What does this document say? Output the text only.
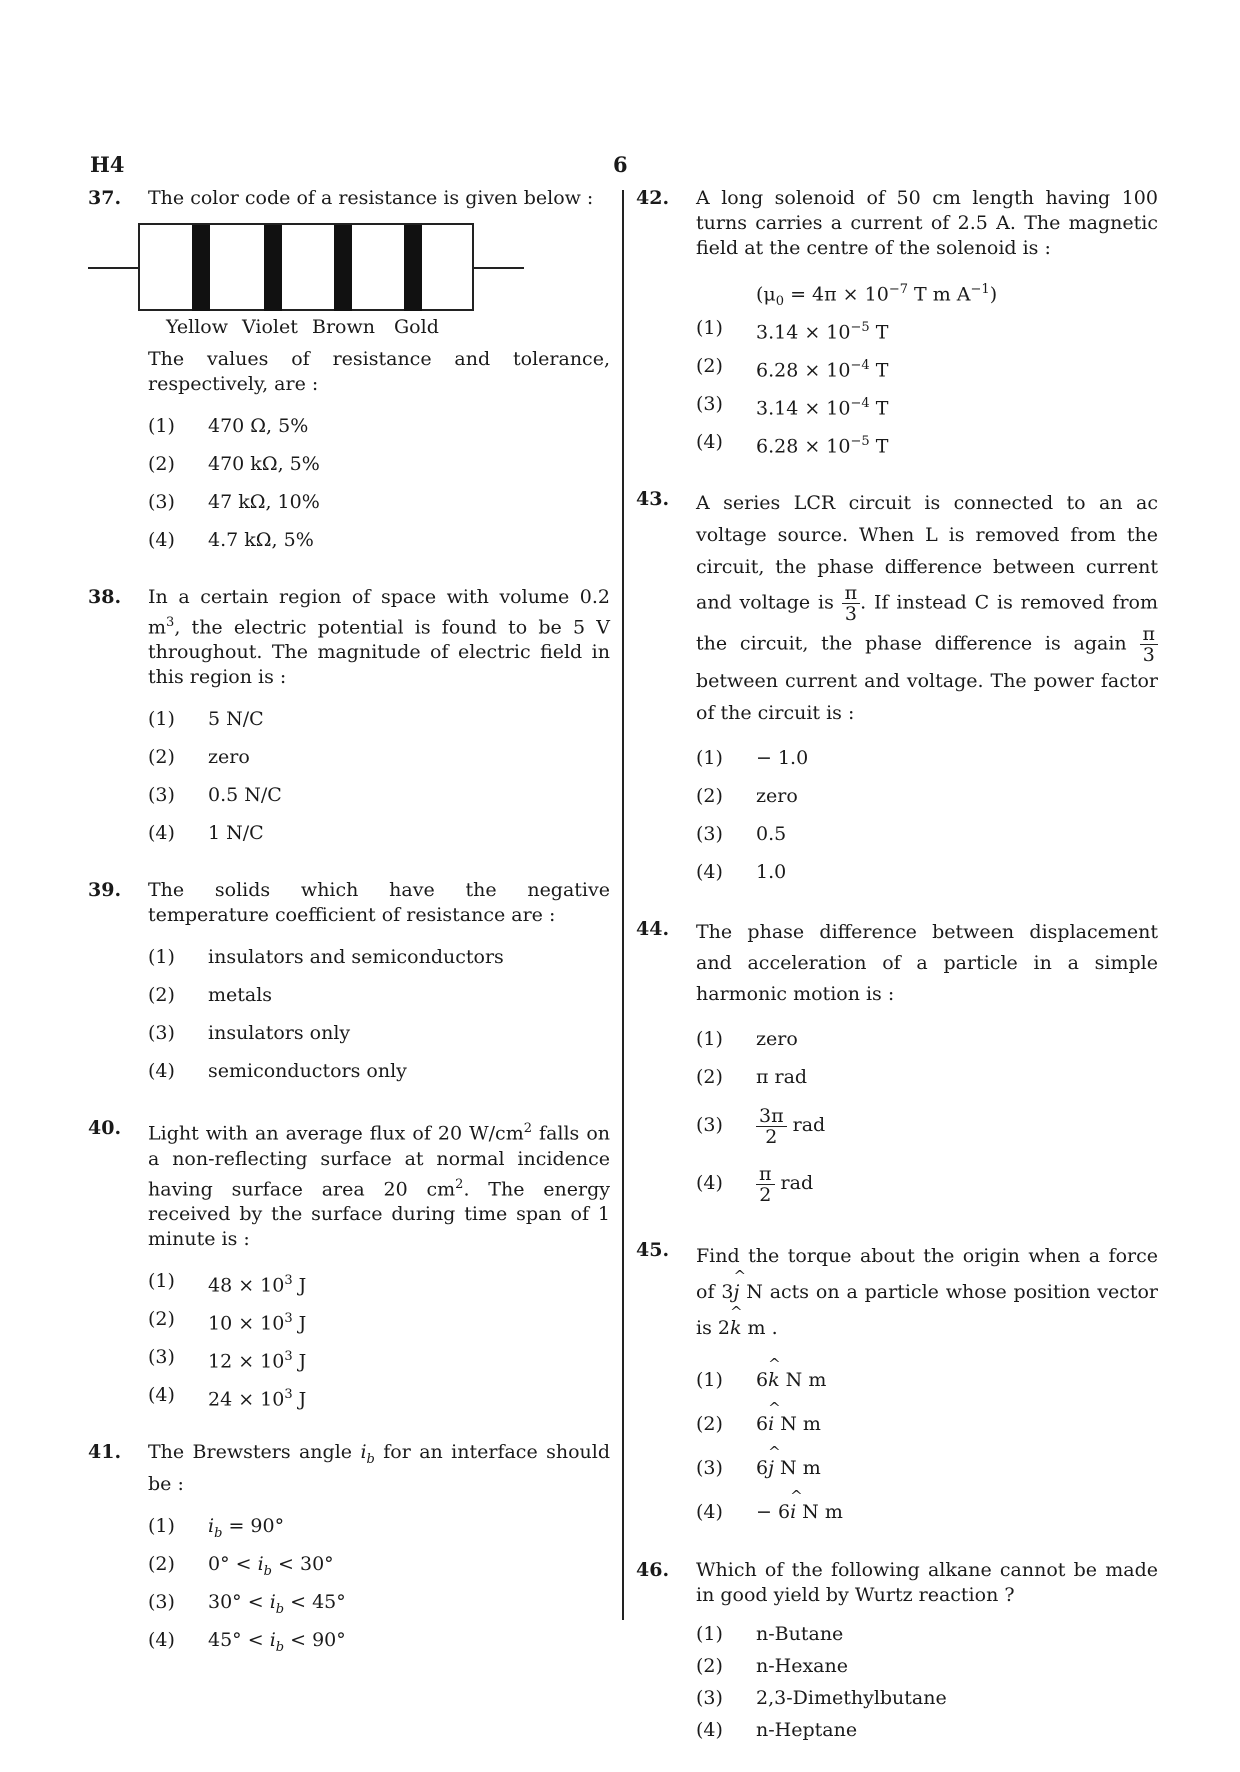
H4	6
37. The color code of a resistance is given below :
Yellow Violet Brown Gold
The values of resistance and tolerance, respectively, are :
(1) 470 Ω, 5%
(2) 470 kΩ, 5%
(3) 47 kΩ, 10%
(4) 4.7 kΩ, 5%
38. In a certain region of space with volume 0.2 $m^3$, the electric potential is found to be 5 V throughout. The magnitude of electric field in this region is :
(1) 5 N/C
(2) zero
(3) 0.5 N/C
(4) 1 N/C
39. The solids which have the negative temperature coefficient of resistance are :
(1) insulators and semiconductors
(2) metals
(3) insulators only
(4) semiconductors only
40. Light with an average flux of 20 $W/cm^2$ falls on a non-reflecting surface at normal incidence having surface area 20 $cm^2$. The energy received by the surface during time span of 1 minute is :
(1) $48 \times 10^3$ J
(2) $10 \times 10^3$ J
(3) $12 \times 10^3$ J
(4) $24 \times 10^3$ J
41. The Brewsters angle $i_b$ for an interface should be :
(1) $i_b = 90^\circ$
(2) $0^\circ < i_b < 30^\circ$
(3) $30^\circ < i_b < 45^\circ$
(4) $45^\circ < i_b < 90^\circ$
42. A long solenoid of 50 cm length having 100 turns carries a current of 2.5 A. The magnetic field at the centre of the solenoid is :
($\mu_0 = 4\pi \times 10^{-7}$ T m $A^{-1}$)
(1) $3.14 \times 10^{-5}$ T
(2) $6.28 \times 10^{-4}$ T
(3) $3.14 \times 10^{-4}$ T
(4) $6.28 \times 10^{-5}$ T
43. A series LCR circuit is connected to an ac voltage source. When L is removed from the circuit, the phase difference between current and voltage is $\frac{\pi}{3}$ . If instead C is removed from the circuit, the phase difference is again $\frac{\pi}{3}$
between current and voltage. The power factor of the circuit is :
(1) − 1.0
(2) zero
(3) 0.5
(4) 1.0
44. The phase difference between displacement and acceleration of a particle in a simple harmonic motion is :
(1) zero
(2) π rad
$(3) \frac{3\pi}{2}$ rad
$(4) \frac{\pi}{2}$ rad
45. Find the torque about the origin when a force of 3^ j N acts on a particle whose position vector is 2^ k m .
(1) 6^ k N m
(2) 6^ i N m
(3) 6^ j N m
(4) − 6^ i N m
46. Which of the following alkane cannot be made in good yield by Wurtz reaction ?
(1) n-Butane
(2) n-Hexane
(3) 2,3-Dimethylbutane
(4) n-Heptane
